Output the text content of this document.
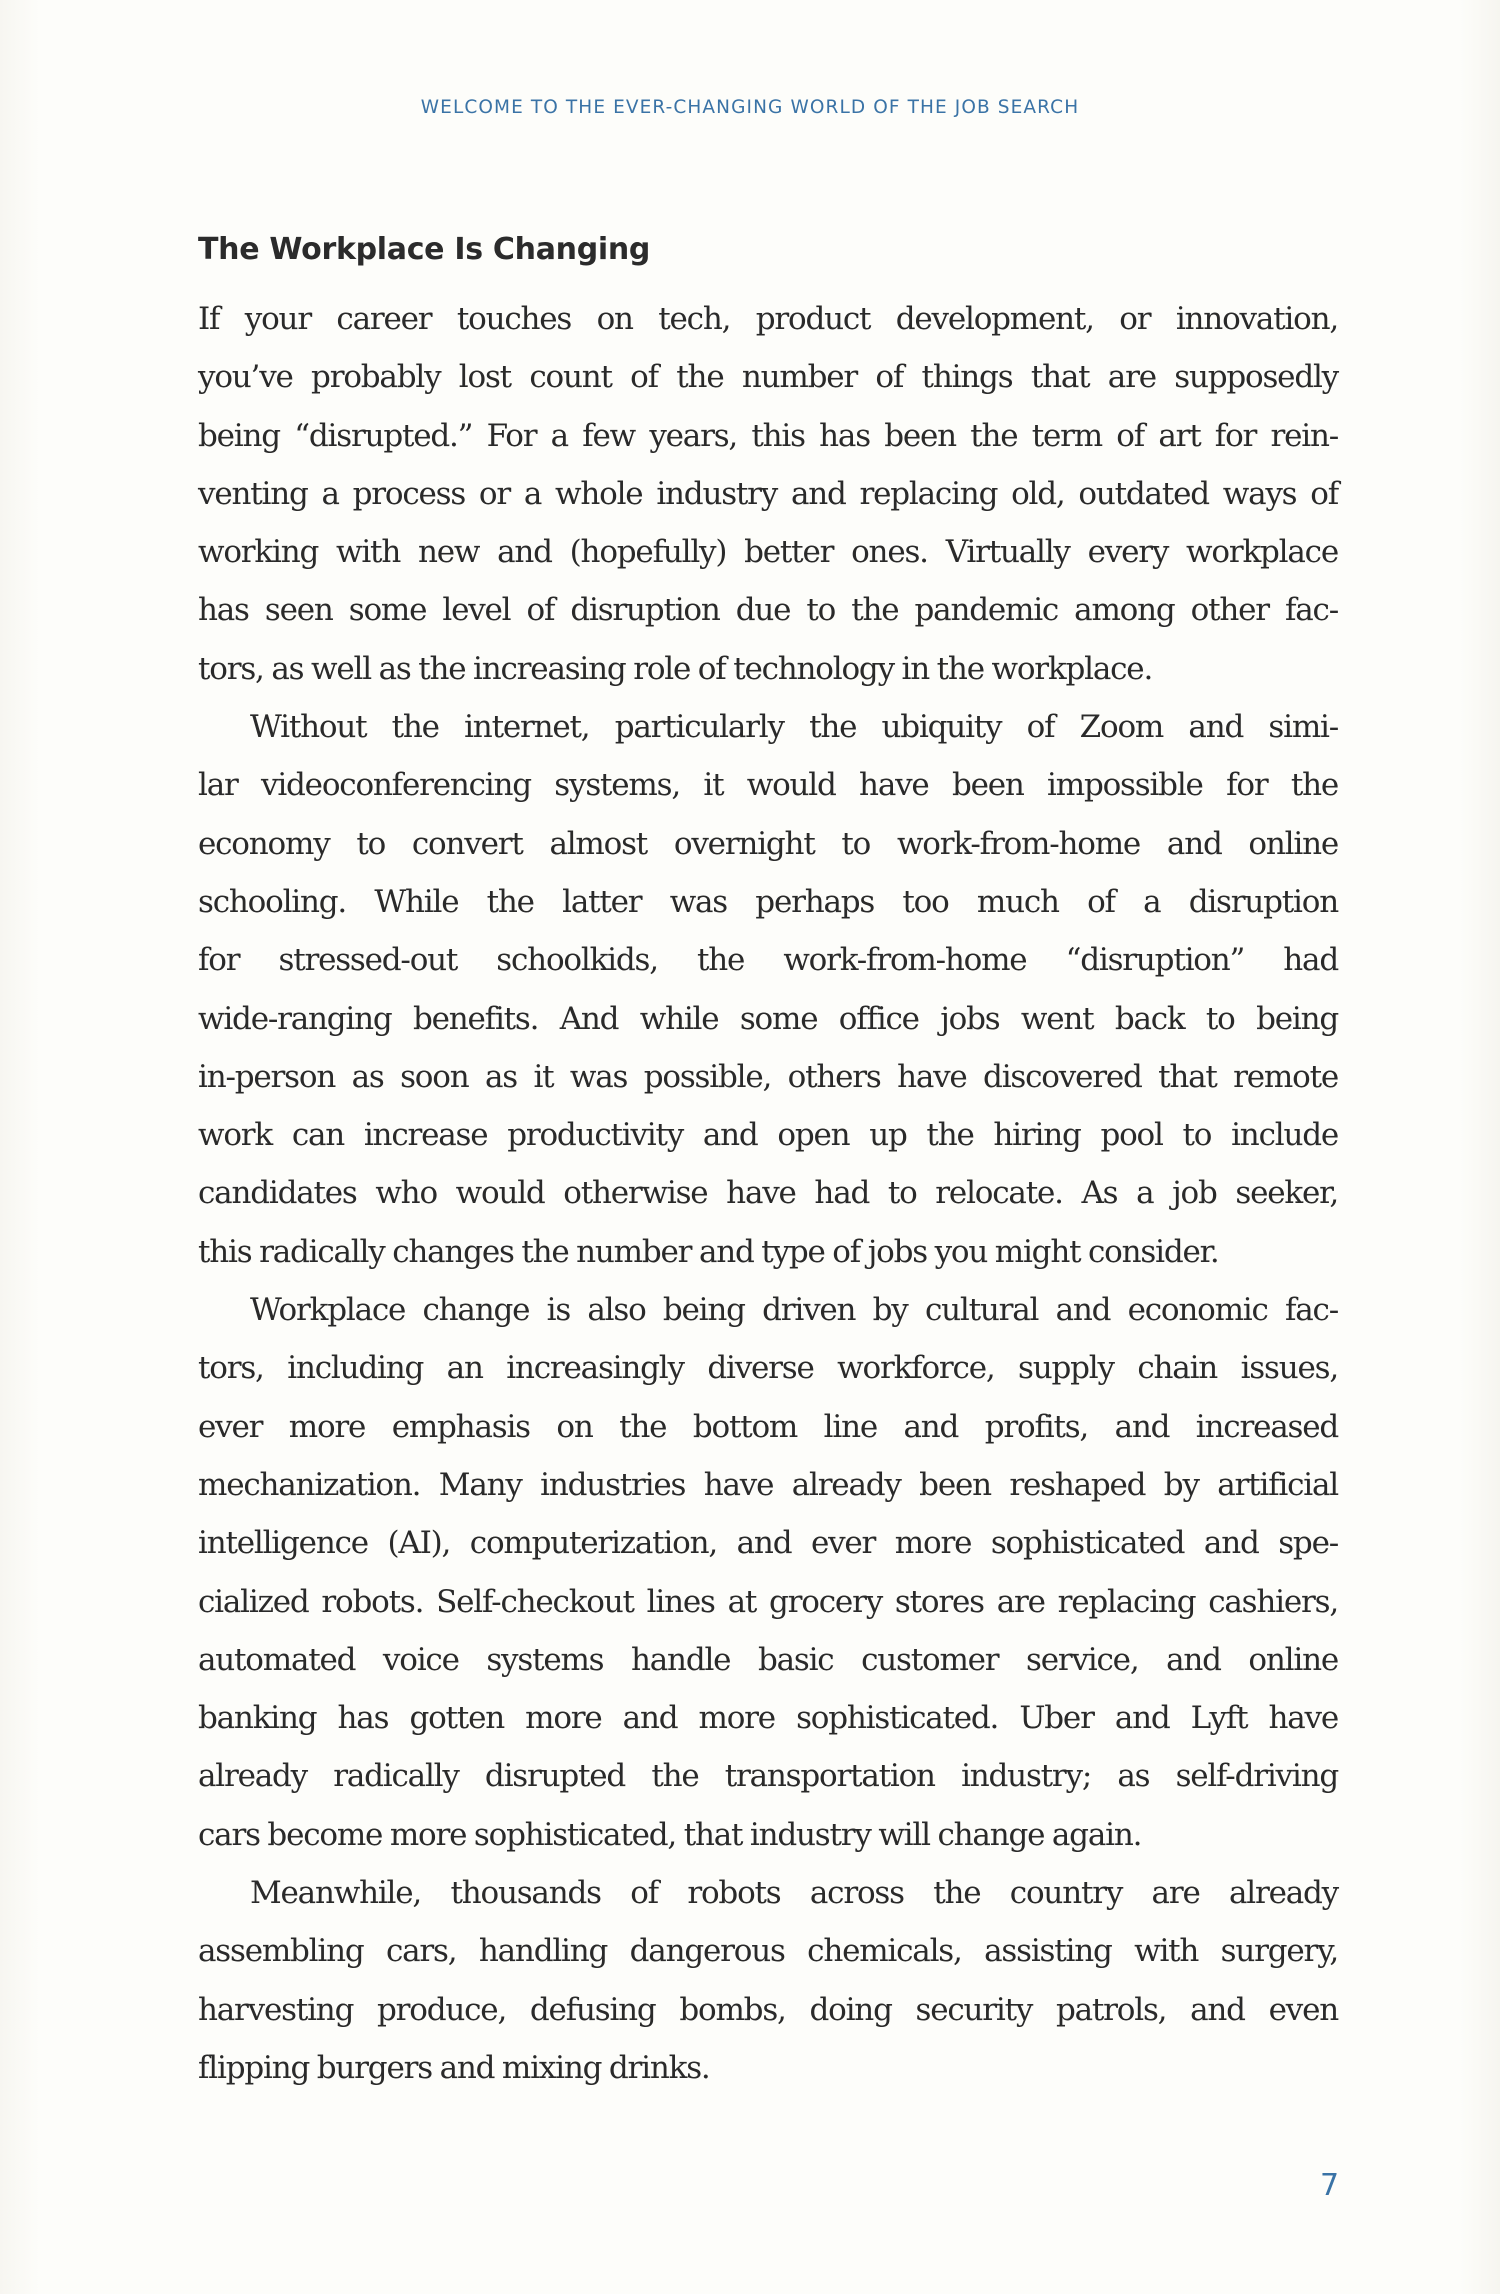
WELCOME TO THE EVER-CHANGING WORLD OF THE JOB SEARCH
The Workplace Is Changing

If your career touches on tech, product development, or innovation,
you’ve probably lost count of the number of things that are supposedly
being “disrupted.” For a few years, this has been the term of art for rein-
venting a process or a whole industry and replacing old, outdated ways of
working with new and (hopefully) better ones. Virtually every workplace
has seen some level of disruption due to the pandemic among other fac-
tors, as well as the increasing role of technology in the workplace.

Without the internet, particularly the ubiquity of Zoom and simi-
lar videoconferencing systems, it would have been impossible for the
economy to convert almost overnight to work-from-home and online
schooling. While the latter was perhaps too much of a disruption
for stressed-out schoolkids, the work-from-home “disruption” had
wide-ranging benefits. And while some office jobs went back to being
in-person as soon as it was possible, others have discovered that remote
work can increase productivity and open up the hiring pool to include
candidates who would otherwise have had to relocate. As a job seeker,
this radically changes the number and type of jobs you might consider.

Workplace change is also being driven by cultural and economic fac-
tors, including an increasingly diverse workforce, supply chain issues,
ever more emphasis on the bottom line and profits, and increased
mechanization. Many industries have already been reshaped by artificial
intelligence (AI), computerization, and ever more sophisticated and spe-
cialized robots. Self-checkout lines at grocery stores are replacing cashiers,
automated voice systems handle basic customer service, and online
banking has gotten more and more sophisticated. Uber and Lyft have
already radically disrupted the transportation industry; as self-driving
cars become more sophisticated, that industry will change again.

Meanwhile, thousands of robots across the country are already
assembling cars, handling dangerous chemicals, assisting with surgery,
harvesting produce, defusing bombs, doing security patrols, and even
flipping burgers and mixing drinks.

7
